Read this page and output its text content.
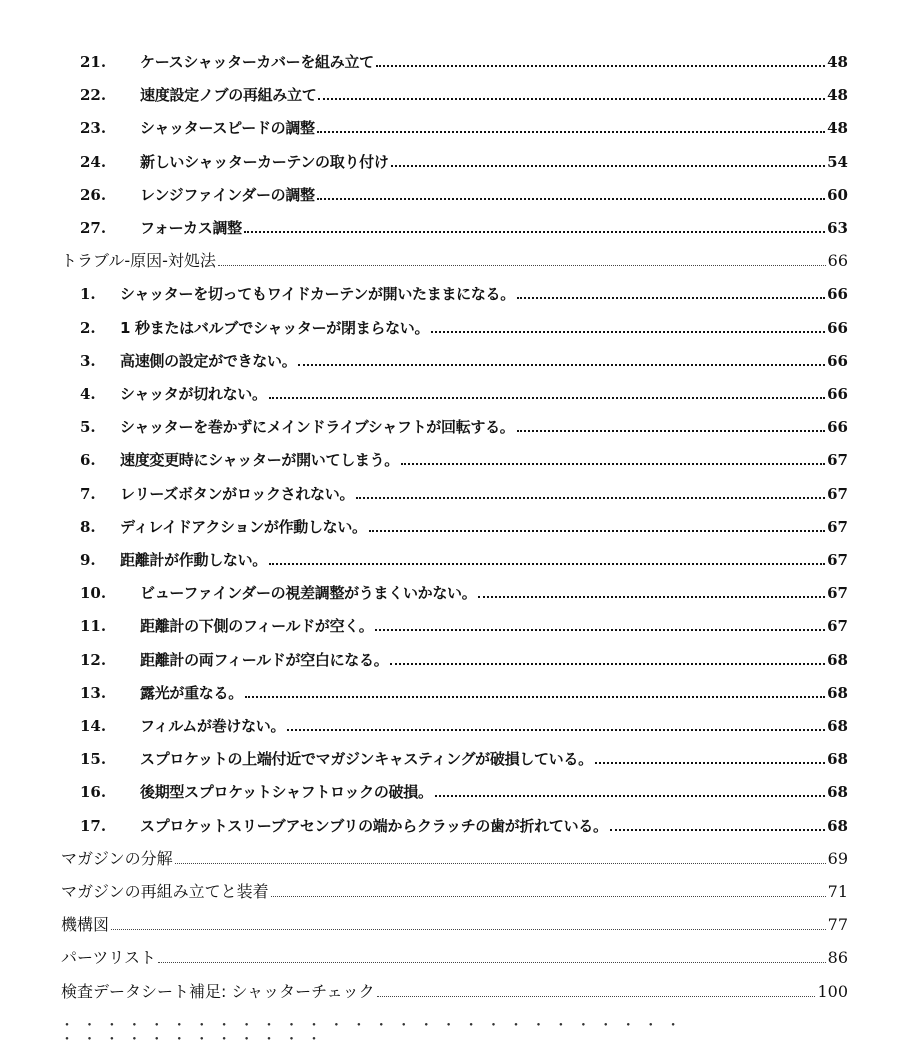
21.	ケースシャッターカバーを組み立て	48
22.	速度設定ノブの再組み立て	48
23.	シャッタースピードの調整	48
24.	新しいシャッターカーテンの取り付け	54
26.	レンジファインダーの調整	60
27.	フォーカス調整	63
トラブル-原因-対処法	66
1.	シャッターを切ってもワイドカーテンが開いたままになる。	66
2.	1 秒またはバルブでシャッターが閉まらない。	66
3.	高速側の設定ができない。	66
4.	シャッタが切れない。	66
5.	シャッターを巻かずにメインドライブシャフトが回転する。	66
6.	速度変更時にシャッターが開いてしまう。	67
7.	レリーズボタンがロックされない。	67
8.	ディレイドアクションが作動しない。	67
9.	距離計が作動しない。	67
10.	ビューファインダーの視差調整がうまくいかない。	67
11.	距離計の下側のフィールドが空く。	67
12.	距離計の両フィールドが空白になる。	68
13.	露光が重なる。	68
14.	フィルムが巻けない。	68
15.	スプロケットの上端付近でマガジンキャスティングが破損している。	68
16.	後期型スプロケットシャフトロックの破損。	68
17.	スプロケットスリーブアセンブリの端からクラッチの歯が折れている。	68
マガジンの分解	69
マガジンの再組み立てと装着	71
機構図	77
パーツリスト	86
検査データシート補足: シャッターチェック	100
・ ・ ・ ・ ・ ・ ・ ・ ・ ・ ・ ・ ・ ・ ・ ・ ・ ・ ・ ・ ・ ・ ・ ・ ・ ・ ・ ・ ・ ・ ・ ・ ・ ・ ・ ・ ・ ・ ・ ・
